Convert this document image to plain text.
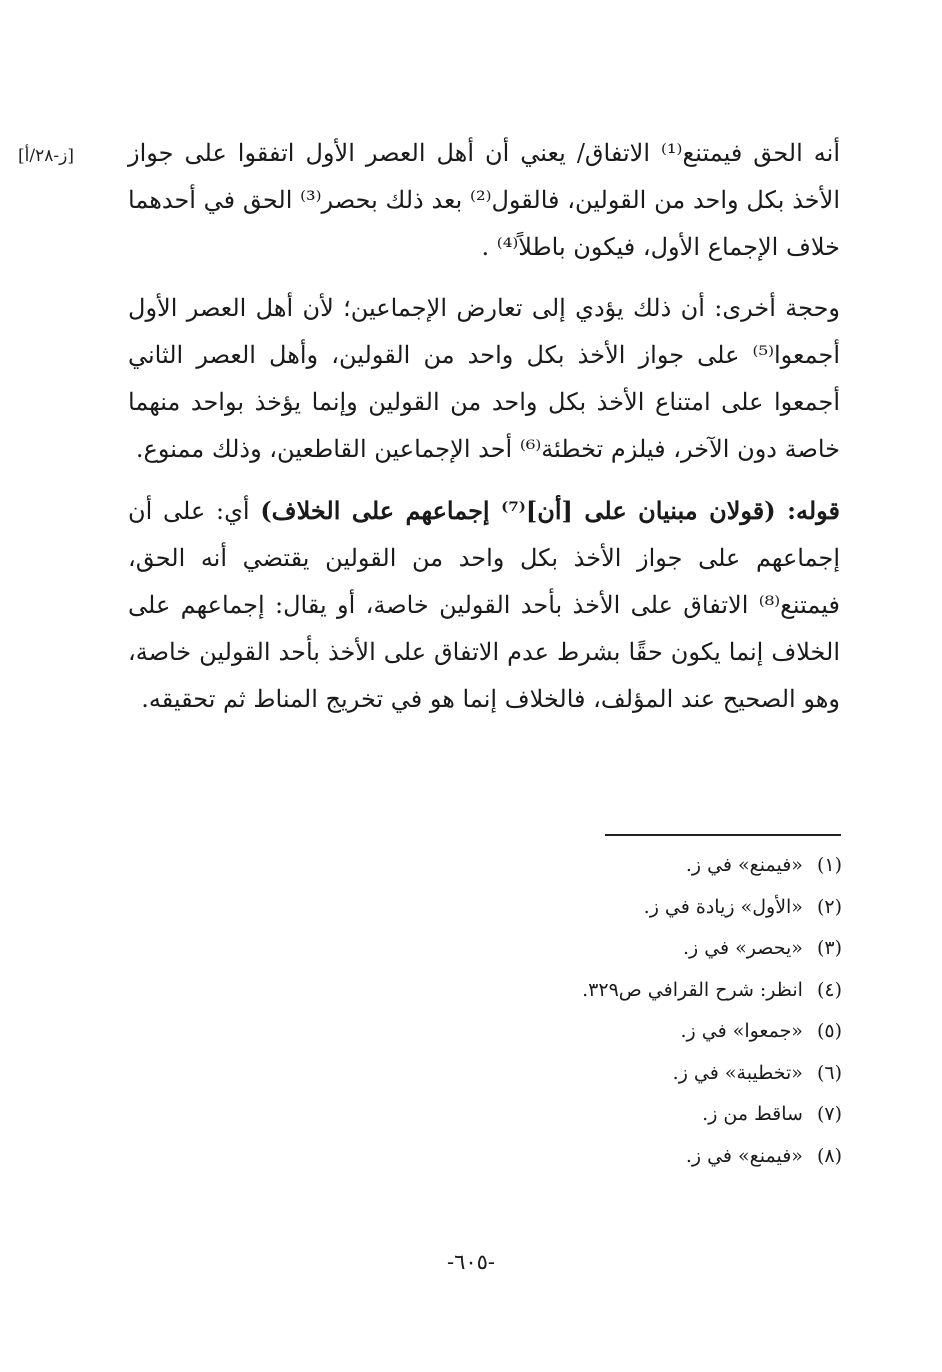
[ز-٢٨/أ] أنه الحق فيمتنع⁽¹⁾ الاتفاق/ يعني أن أهل العصر الأول اتفقوا على جواز الأخذ بكل واحد من القولين، فالقول⁽²⁾ بعد ذلك بحصر⁽³⁾ الحق في أحدهما خلاف الإجماع الأول، فيكون باطلاً⁽⁴⁾ .

وحجة أخرى: أن ذلك يؤدي إلى تعارض الإجماعين؛ لأن أهل العصر الأول أجمعوا⁽⁵⁾ على جواز الأخذ بكل واحد من القولين، وأهل العصر الثاني أجمعوا على امتناع الأخذ بكل واحد من القولين وإنما يؤخذ بواحد منهما خاصة دون الآخر، فيلزم تخطئة⁽⁶⁾ أحد الإجماعين القاطعين، وذلك ممنوع.

قوله: (قولان مبنيان على [أن]⁽⁷⁾ إجماعهم على الخلاف) أي: على أن إجماعهم على جواز الأخذ بكل واحد من القولين يقتضي أنه الحق، فيمتنع⁽⁸⁾ الاتفاق على الأخذ بأحد القولين خاصة، أو يقال: إجماعهم على الخلاف إنما يكون حقًا بشرط عدم الاتفاق على الأخذ بأحد القولين خاصة، وهو الصحيح عند المؤلف، فالخلاف إنما هو في تخريج المناط ثم تحقيقه.

(١)«فيمنع» في ز.
(٢)«الأول» زيادة في ز.
(٣)«يحصر» في ز.
(٤)انظر: شرح القرافي ص٣٢٩.
(٥)«جمعوا» في ز.
(٦)«تخطيبة» في ز.
(٧)ساقط من ز.
(٨)«فيمنع» في ز.
-٦٠٥-
